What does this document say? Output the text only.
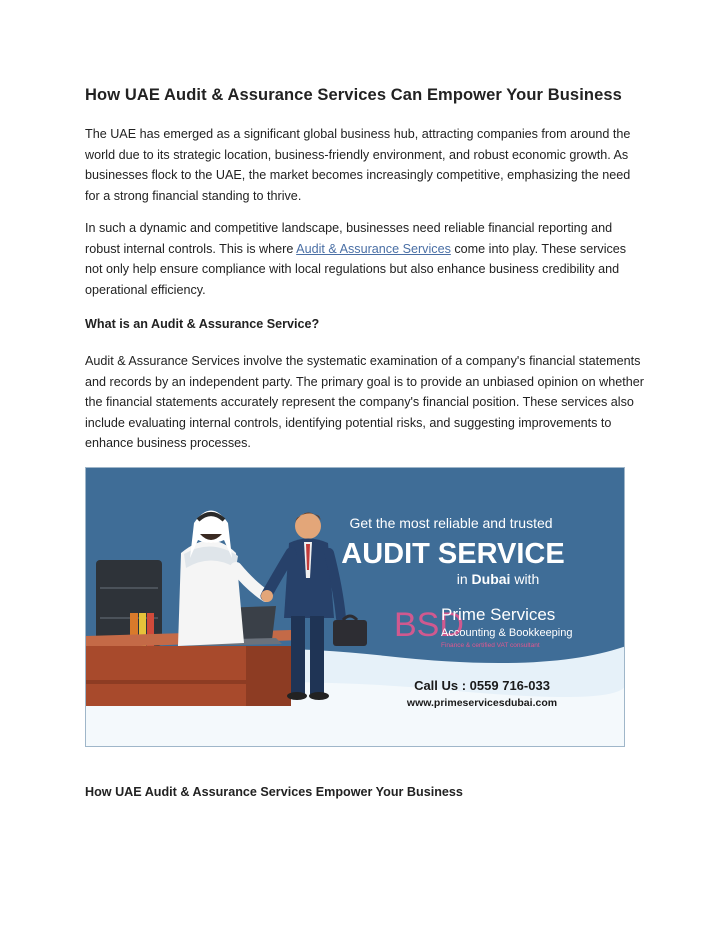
How UAE Audit & Assurance Services Can Empower Your Business

The UAE has emerged as a significant global business hub, attracting companies from around the world due to its strategic location, business-friendly environment, and robust economic growth. As businesses flock to the UAE, the market becomes increasingly competitive, emphasizing the need for a strong financial standing to thrive.

In such a dynamic and competitive landscape, businesses need reliable financial reporting and robust internal controls. This is where Audit & Assurance Services come into play. These services not only help ensure compliance with local regulations but also enhance business credibility and operational efficiency.

What is an Audit & Assurance Service?

Audit & Assurance Services involve the systematic examination of a company's financial statements and records by an independent party. The primary goal is to provide an unbiased opinion on whether the financial statements accurately represent the company's financial position. These services also include evaluating internal controls, identifying potential risks, and suggesting improvements to enhance business processes.

Get the most reliable and trusted
AUDIT SERVICE
in Dubai with
BSD
Prime Services
Accounting & Bookkeeping
Finance & certified VAT consultant
Call Us : 0559 716-033
www.primeservicesdubai.com

How UAE Audit & Assurance Services Empower Your Business
